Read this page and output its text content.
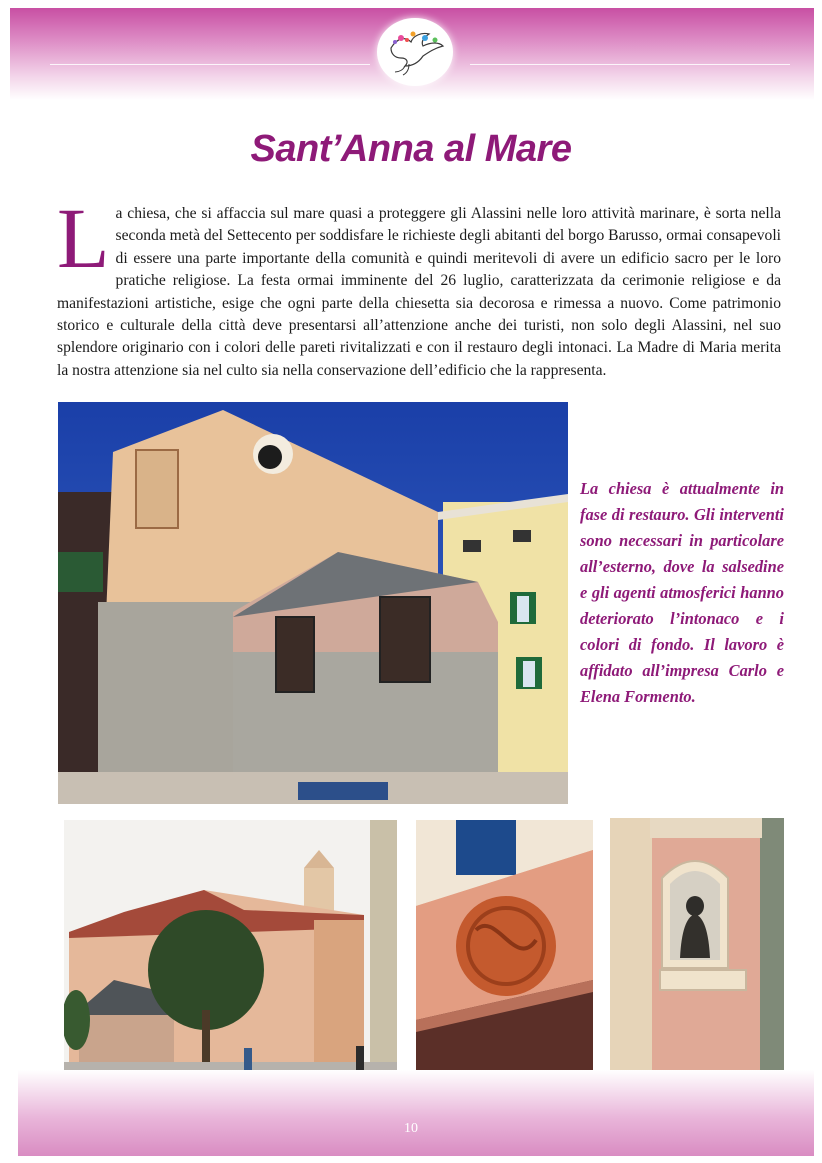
Sant’Anna al Mare
L a chiesa, che si affaccia sul mare quasi a proteggere gli Alassini nelle loro attività marinare, è sorta nella seconda metà del Settecento per soddisfare le richieste degli abitanti del borgo Barusso, ormai consapevoli di essere una parte importante della comunità e quindi meritevoli di avere un edificio sacro per le loro pratiche religiose. La festa ormai imminente del 26 luglio, caratterizzata da cerimonie religiose e da manifestazioni artistiche, esige che ogni parte della chiesetta sia decorosa e rimessa a nuovo. Come patrimonio storico e culturale della città deve presentarsi all’attenzione anche dei turisti, non solo degli Alassini, nel suo splendore originario con i colori delle pareti rivitalizzati e con il restauro degli intonaci. La Madre di Maria merita la nostra attenzione sia nel culto sia nella conservazione dell’edificio che la rappresenta.
La chiesa è attualmente in fase di restauro. Gli interventi sono necessari in particolare all’esterno, dove la salsedine e gli agenti atmosferici hanno deteriorato l’intonaco e i colori di fondo. Il lavoro è affidato all’impresa Carlo e Elena Formento.
10
